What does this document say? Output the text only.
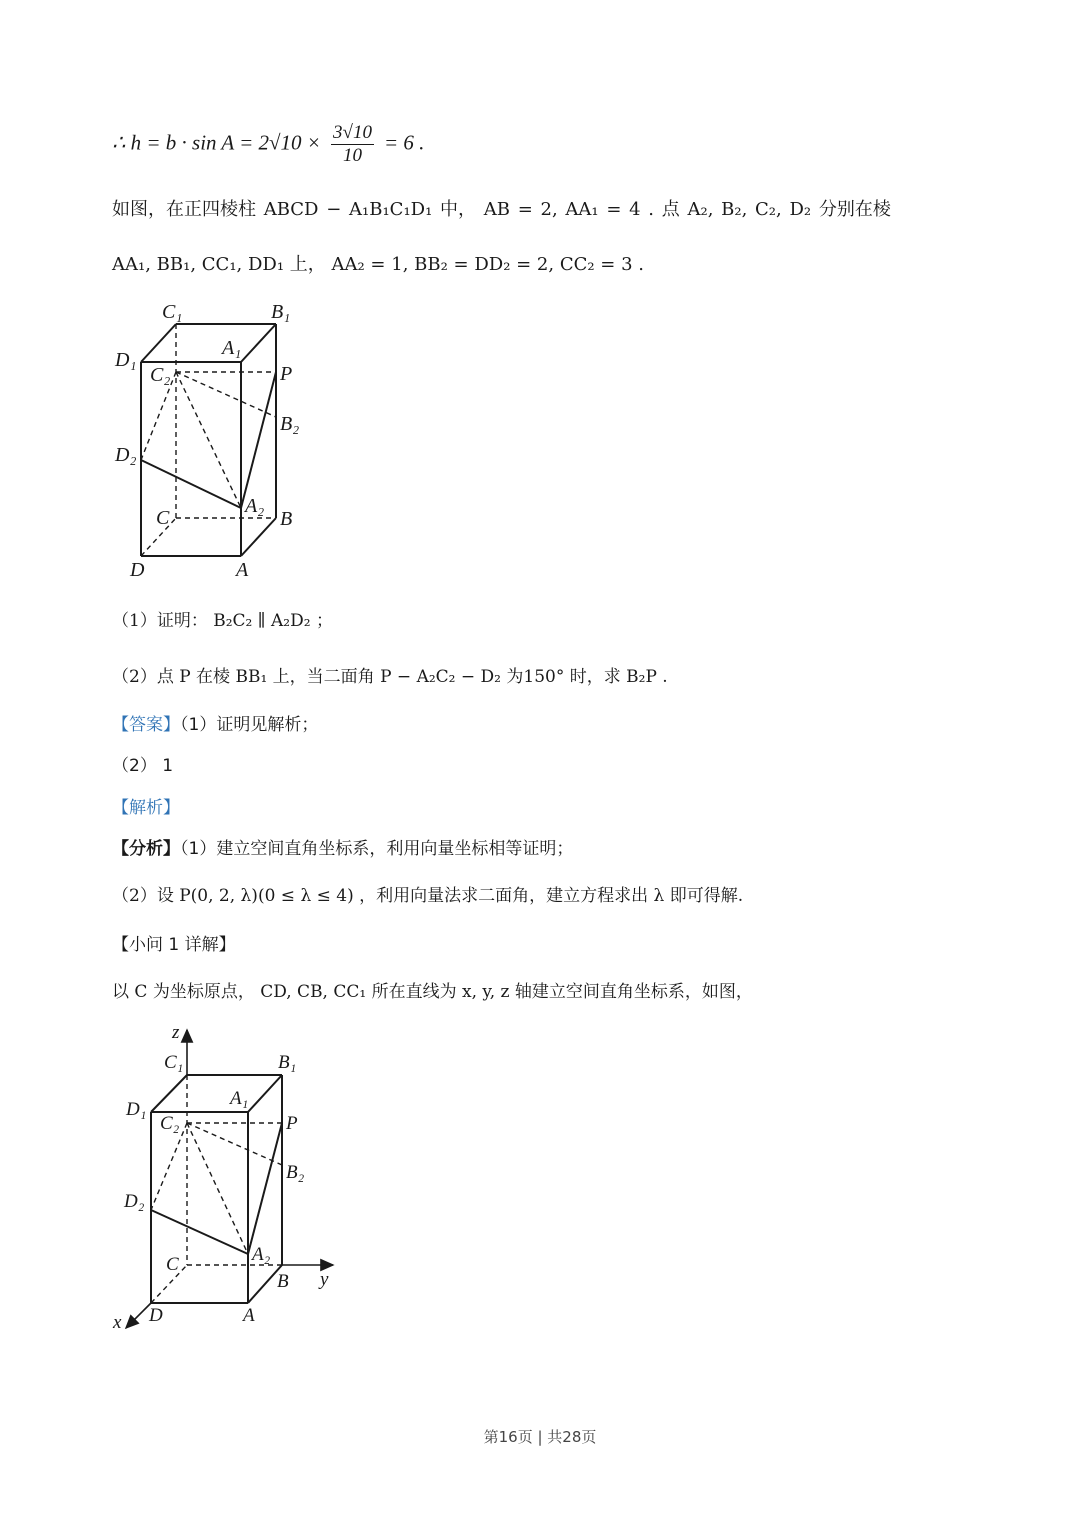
∴ $h = b \cdot \sin A = 2√10 \times \frac{3√10}{10} = 6$ .
如图，在正四棱柱 ABCD − A₁B₁C₁D₁ 中， AB = 2, AA₁ = 4 . 点 A₂, B₂, C₂, D₂ 分别在棱
AA₁, BB₁, CC₁, DD₁ 上， AA₂ = 1, BB₂ = DD₂ = 2, CC₂ = 3 .
C₁	B₁
D₁
A₁
C₂	P
B₂
D₂
A₂
C	B
D	A
（1）证明： B₂C₂ ∥ A₂D₂ ；
（2）点 P 在棱 BB₁ 上，当二面角 P − A₂C₂ − D₂ 为150° 时，求 B₂P .
【答案】（1）证明见解析；
（2） 1
【解析】
【分析】（1）建立空间直角坐标系，利用向量坐标相等证明；
（2）设 P(0, 2, λ)(0 ≤ λ ≤ 4) ，利用向量法求二面角，建立方程求出 λ 即可得解.
【小问 1 详解】
以 C 为坐标原点， CD, CB, CC₁ 所在直线为 x, y, z 轴建立空间直角坐标系，如图，
z
y
x
C₁	B₁
D₁
A₁
C₂	P
B₂
D₂
A₂
C
B
D	A
第16页 | 共28页
